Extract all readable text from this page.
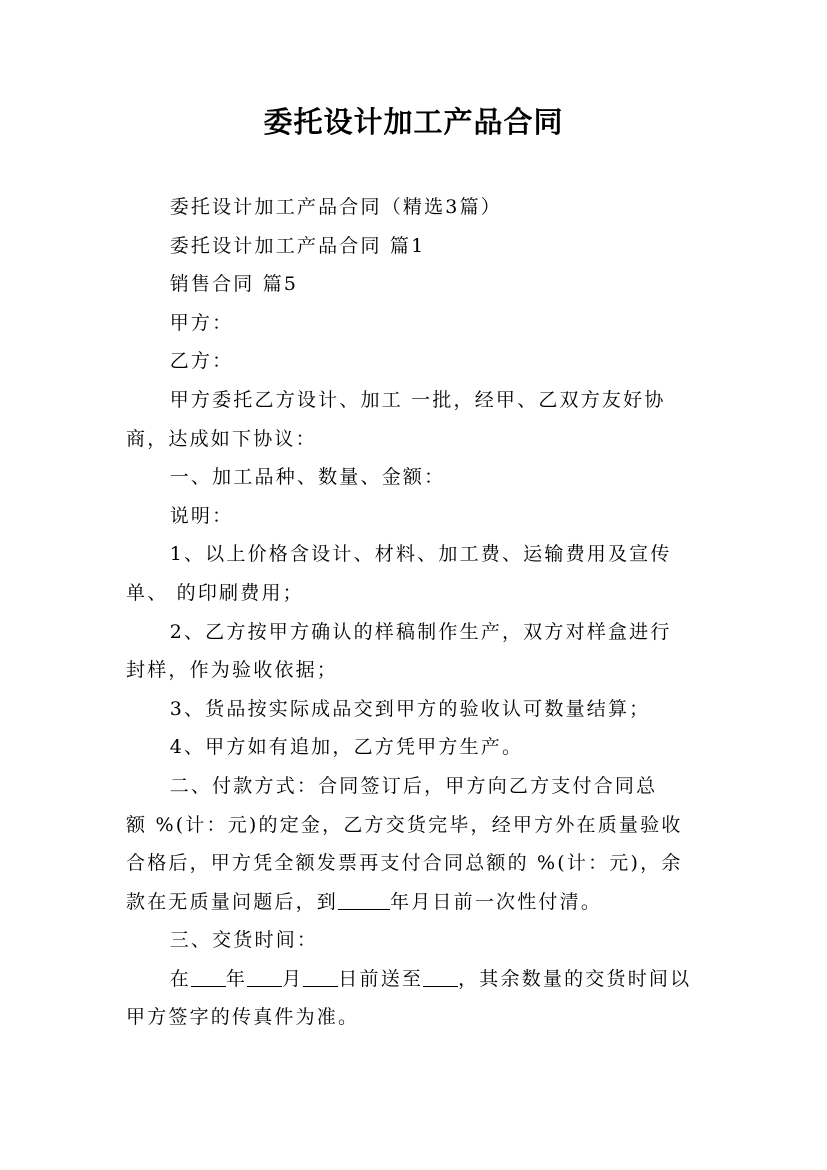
委托设计加工产品合同

委托设计加工产品合同（精选3篇）

委托设计加工产品合同 篇1

销售合同 篇5

甲方：

乙方：

甲方委托乙方设计、加工 一批，经甲、乙双方友好协
商，达成如下协议：

一、加工品种、数量、金额：

说明：

1、以上价格含设计、材料、加工费、运输费用及宣传
单、 的印刷费用；

2、乙方按甲方确认的样稿制作生产，双方对样盒进行
封样，作为验收依据；

3、货品按实际成品交到甲方的验收认可数量结算；

4、甲方如有追加，乙方凭甲方生产。

二、付款方式：合同签订后，甲方向乙方支付合同总
额 %(计：元)的定金，乙方交货完毕，经甲方外在质量验收
合格后，甲方凭全额发票再支付合同总额的 %(计：元)，余
款在无质量问题后，到	年月日前一次性付清。

三、交货时间：

在 年 月 日前送至 ，其余数量的交货时间以
甲方签字的传真件为准。
